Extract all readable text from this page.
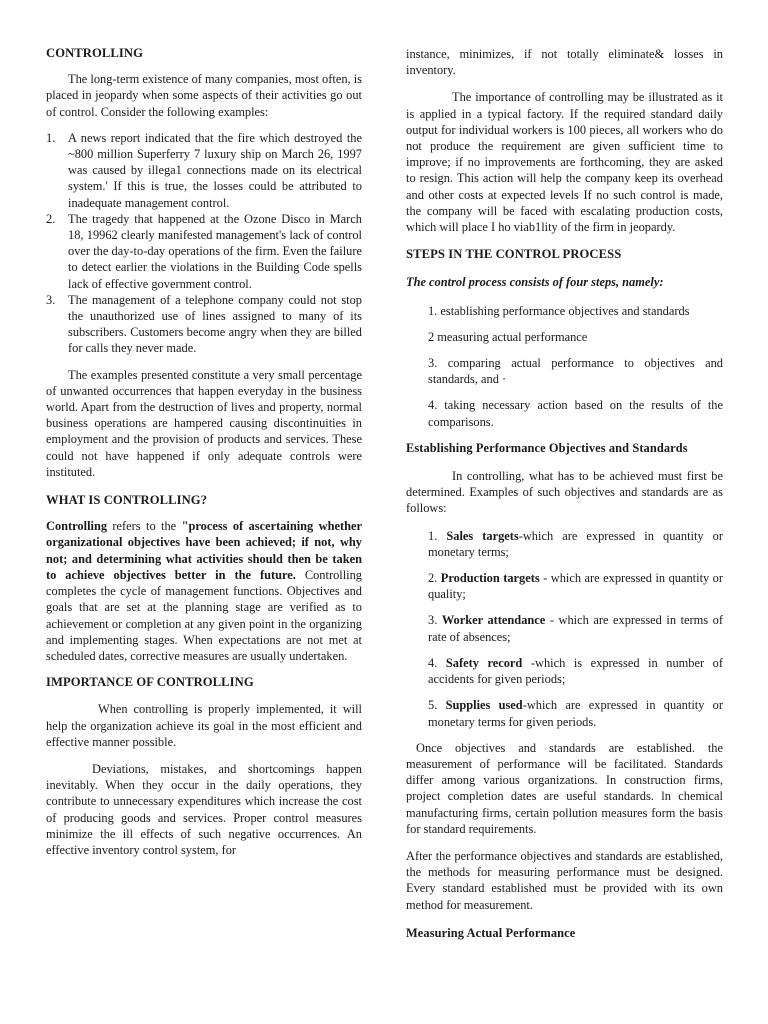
CONTROLLING

The long-term existence of many companies, most often, is placed in jeopardy when some aspects of their activities go out of control. Consider the following examples:

1. A news report indicated that the fire which destroyed the ~800 million Superferry 7 luxury ship on March 26, 1997 was caused by illega1 connections made on its electrical system.' If this is true, the losses could be attributed to inadequate management control.
2. The tragedy that happened at the Ozone Disco in March 18, 19962 clearly manifested management's lack of control over the day-to-day operations of the firm. Even the failure to detect earlier the violations in the Building Code spells lack of effective government control.
3. The management of a telephone company could not stop the unauthorized use of lines assigned to many of its subscribers. Customers become angry when they are billed for calls they never made.

The examples presented constitute a very small percentage of unwanted occurrences that happen everyday in the business world. Apart from the destruction of lives and property, normal business operations are hampered causing discontinuities in employment and the provision of products and services. These could not have happened if only adequate controls were instituted.

WHAT IS CONTROLLING?

Controlling refers to the "process of ascertaining whether organizational objectives have been achieved; if not, why not; and determining what activities should then be taken to achieve objectives better in the future. Controlling completes the cycle of management functions. Objectives and goals that are set at the planning stage are verified as to achievement or completion at any given point in the organizing and implementing stages. When expectations are not met at scheduled dates, corrective measures are usually undertaken.

IMPORTANCE OF CONTROLLING

When controlling is properly implemented, it will help the organization achieve its goal in the most efficient and effective manner possible.

Deviations, mistakes, and shortcomings happen inevitably. When they occur in the daily operations, they contribute to unnecessary expenditures which increase the cost of producing goods and services. Proper control measures minimize the ill effects of such negative occurrences. An effective inventory control system, for

instance, minimizes, if not totally eliminate& losses in inventory.

The importance of controlling may be illustrated as it is applied in a typical factory. If the required standard daily output for individual workers is 100 pieces, all workers who do not produce the requirement are given sufficient time to improve; if no improvements are forthcoming, they are asked to resign. This action will help the company keep its overhead and other costs at expected levels If no such control is made, the company will be faced with escalating production costs, which will place I ho viab1lity of the firm in jeopardy.

STEPS IN THE CONTROL PROCESS

The control process consists of four steps, namely:

1. establishing performance objectives and standards
2 measuring actual performance
3. comparing actual performance to objectives and standards, and ·
4. taking necessary action based on the results of the comparisons.
Establishing Performance Objectives and Standards

In controlling, what has to be achieved must first be determined. Examples of such objectives and standards are as follows:

1. Sales targets-which are expressed in quantity or monetary terms;
2. Production targets - which are expressed in quantity or quality;
3. Worker attendance - which are expressed in terms of rate of absences;
4. Safety record -which is expressed in number of accidents for given periods;
5. Supplies used-which are expressed in quantity or monetary terms for given periods.

Once objectives and standards are established. the measurement of performance will be facilitated. Standards differ among various organizations. In construction firms, project completion dates are useful standards. ln chemical manufacturing firms, certain pollution measures form the basis for standard requirements.

After the performance objectives and standards are established, the methods for measuring performance must be designed. Every standard established must be provided with its own method for measurement.

Measuring Actual Performance
